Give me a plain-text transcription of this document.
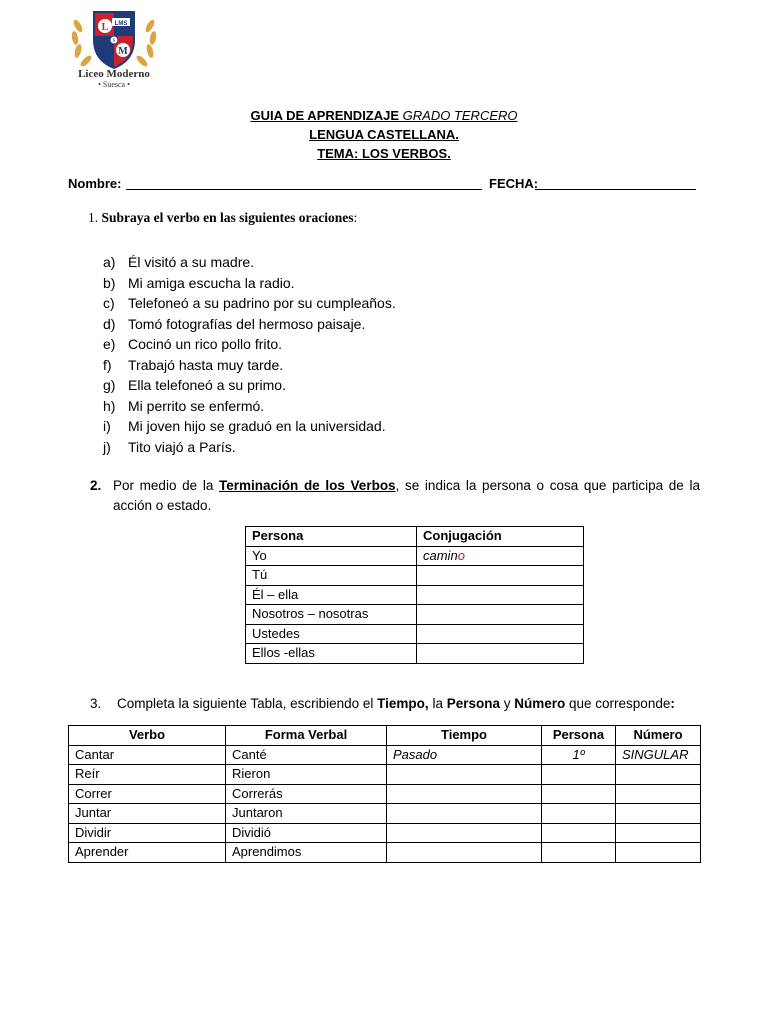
L
M
LMS
S
Liceo Moderno
• Suesca •
GUIA DE APRENDIZAJE GRADO TERCERO
LENGUA CASTELLANA.
TEMA: LOS VERBOS.
Nombre:	FECHA:
1. Subraya el verbo en las siguientes oraciones:
a) Él visitó a su madre.
b) Mi amiga escucha la radio.
c) Telefoneó a su padrino por su cumpleaños.
d) Tomó fotografías del hermoso paisaje.
e) Cocinó un rico pollo frito.
f) Trabajó hasta muy tarde.
g) Ella telefoneó a su primo.
h) Mi perrito se enfermó.
i) Mi joven hijo se graduó en la universidad.
j) Tito viajó a París.
2. Por medio de la Terminación de los Verbos, se indica la persona o cosa que participa de la acción o estado.
Persona	Conjugación
Yo	camino
Tú	
Él – ella	
Nosotros – nosotras	
Ustedes	
Ellos -ellas	
3. Completa la siguiente Tabla, escribiendo el Tiempo, la Persona y Número que corresponde:
Verbo	Forma Verbal	Tiempo	Persona	Número
Cantar	Canté	Pasado	1º	SINGULAR
Reír	Rieron			
Correr	Correrás			
Juntar	Juntaron			
Dividir	Dividió			
Aprender	Aprendimos			
